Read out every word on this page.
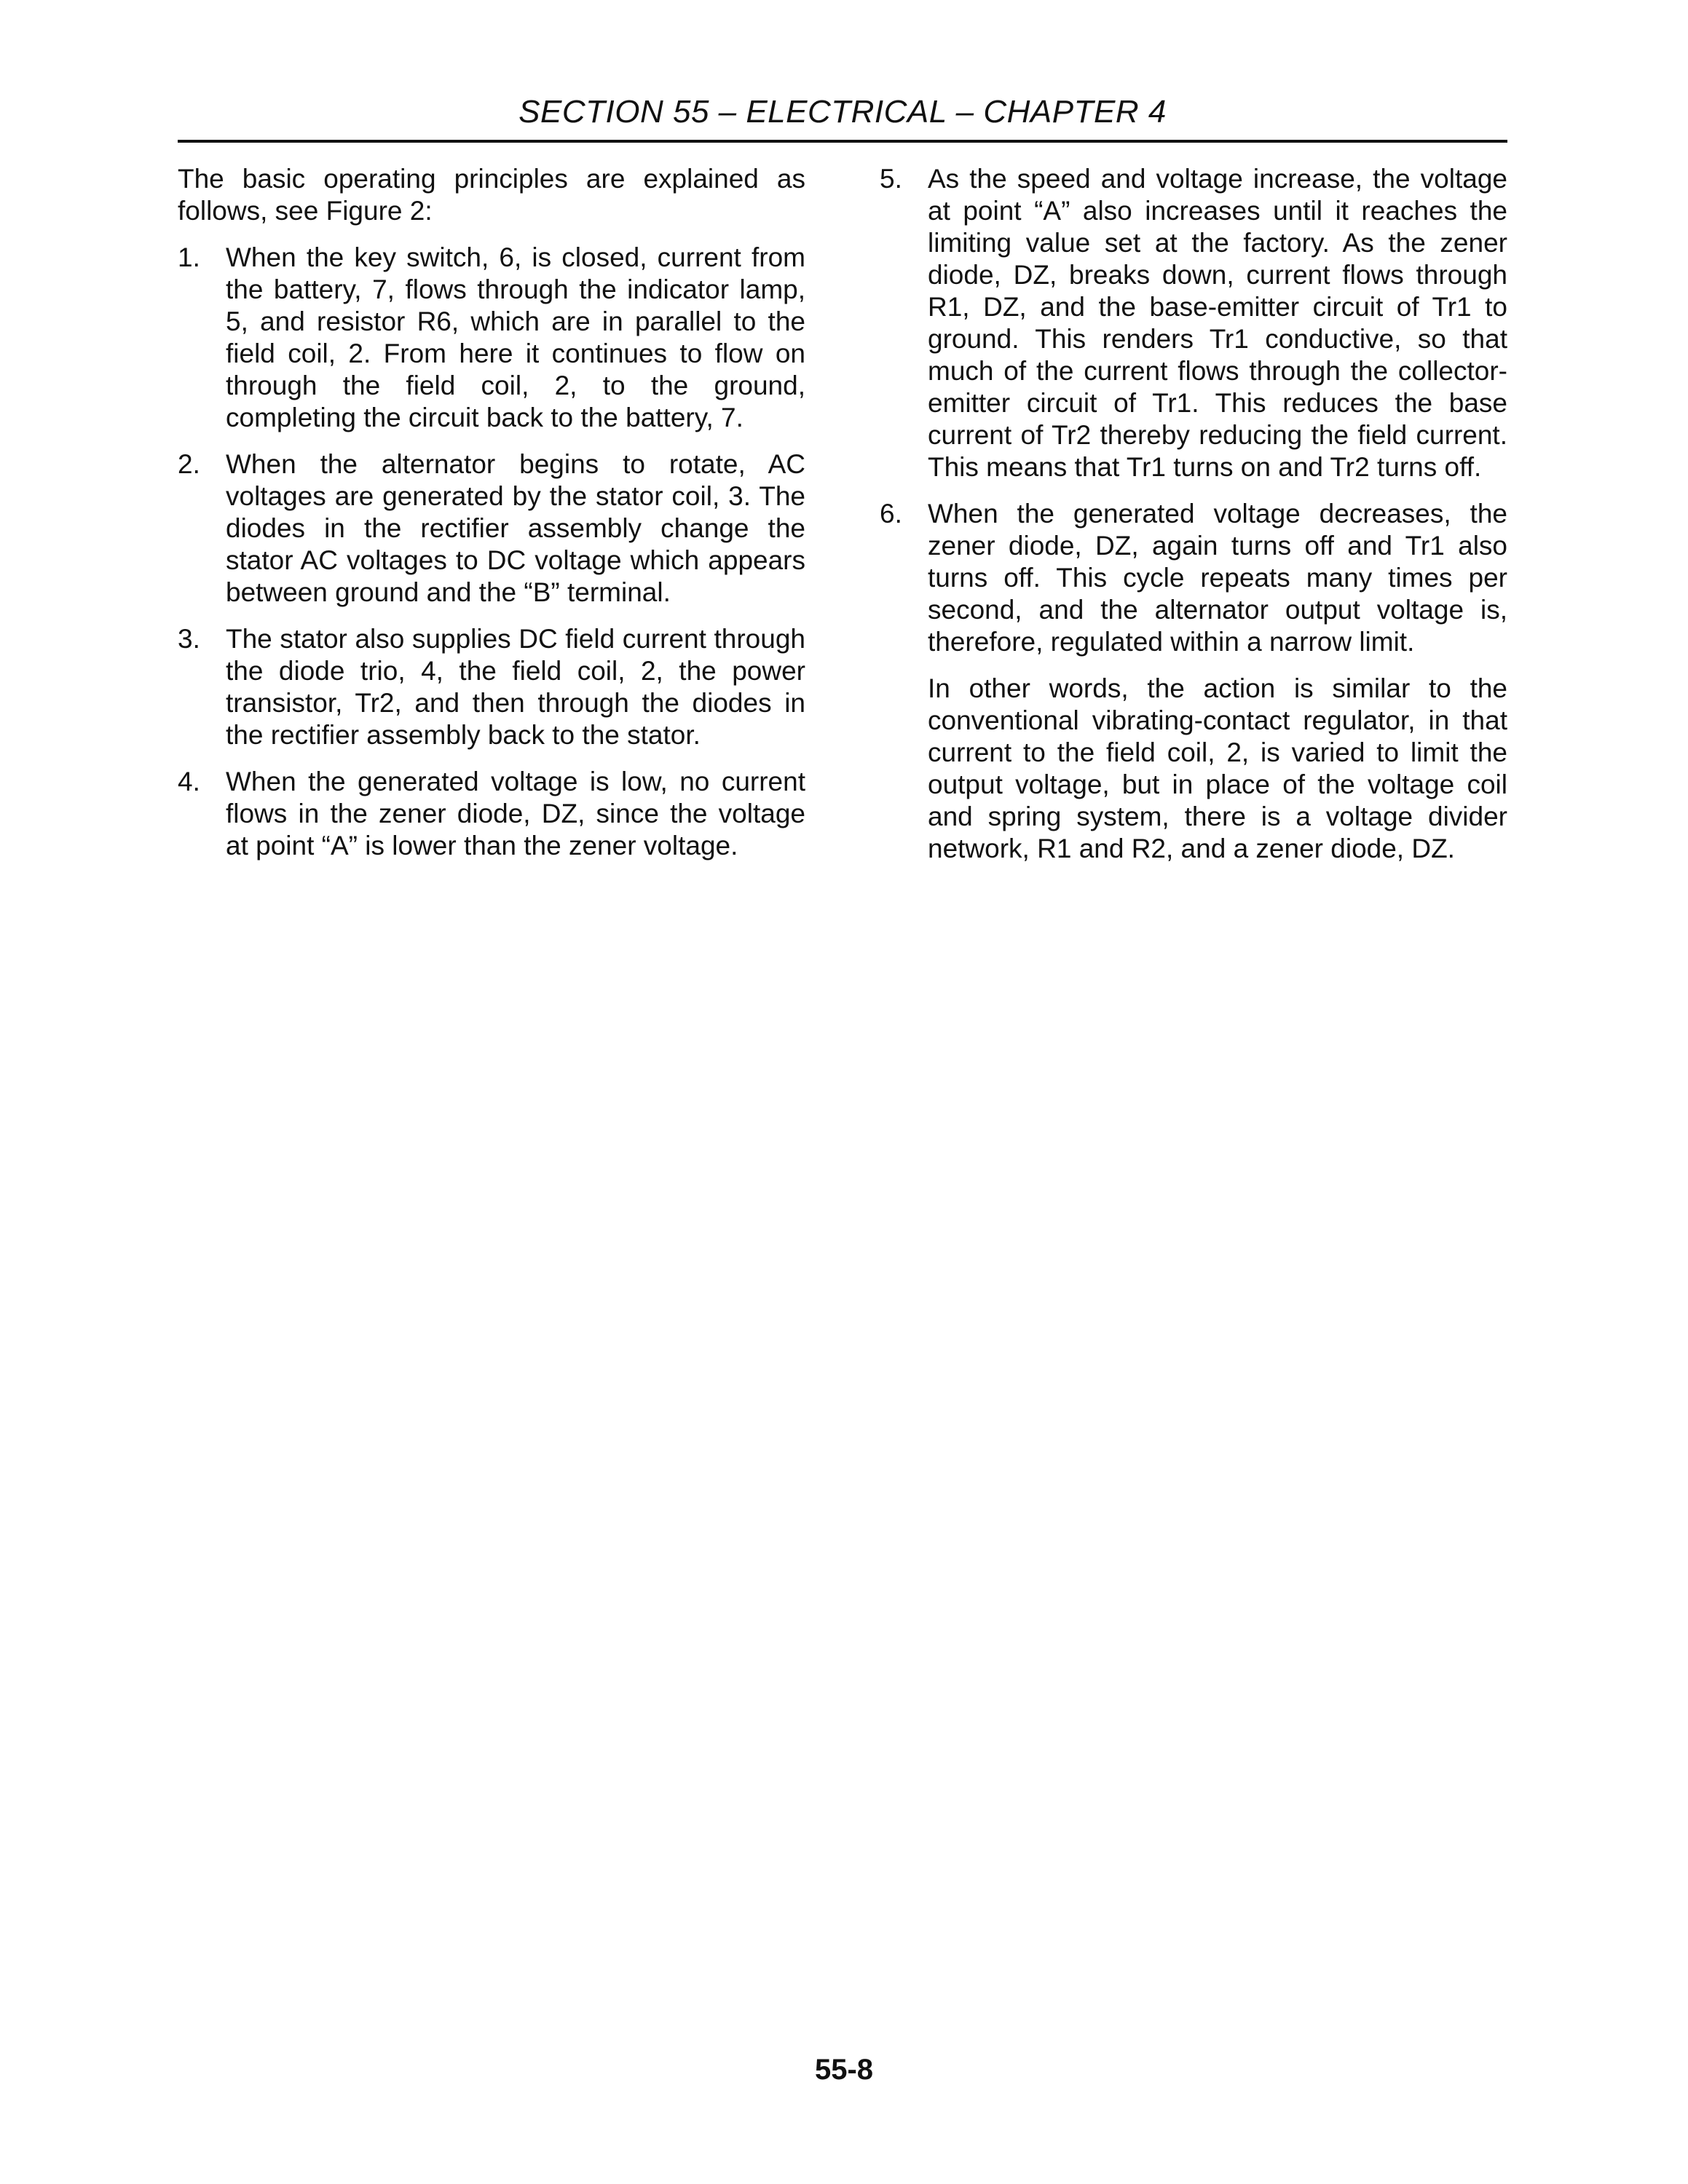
SECTION 55 – ELECTRICAL – CHAPTER 4

The basic operating principles are explained as follows, see Figure 2:

1. When the key switch, 6, is closed, current from the battery, 7, flows through the indicator lamp, 5, and resistor R6, which are in parallel to the field coil, 2. From here it continues to flow on through the field coil, 2, to the ground, completing the circuit back to the battery, 7.
2. When the alternator begins to rotate, AC voltages are generated by the stator coil, 3. The diodes in the rectifier assembly change the stator AC voltages to DC voltage which appears between ground and the “B” terminal.
3. The stator also supplies DC field current through the diode trio, 4, the field coil, 2, the power transistor, Tr2, and then through the diodes in the rectifier assembly back to the stator.
4. When the generated voltage is low, no current flows in the zener diode, DZ, since the voltage at point “A” is lower than the zener voltage.
5. As the speed and voltage increase, the voltage at point “A” also increases until it reaches the limiting value set at the factory. As the zener diode, DZ, breaks down, current flows through R1, DZ, and the base-emitter circuit of Tr1 to ground. This renders Tr1 conductive, so that much of the current flows through the collector-emitter circuit of Tr1. This reduces the base current of Tr2 thereby reducing the field current. This means that Tr1 turns on and Tr2 turns off.
6. When the generated voltage decreases, the zener diode, DZ, again turns off and Tr1 also turns off. This cycle repeats many times per second, and the alternator output voltage is, therefore, regulated within a narrow limit.

In other words, the action is similar to the conventional vibrating-contact regulator, in that current to the field coil, 2, is varied to limit the output voltage, but in place of the voltage coil and spring system, there is a voltage divider network, R1 and R2, and a zener diode, DZ.

55-8
